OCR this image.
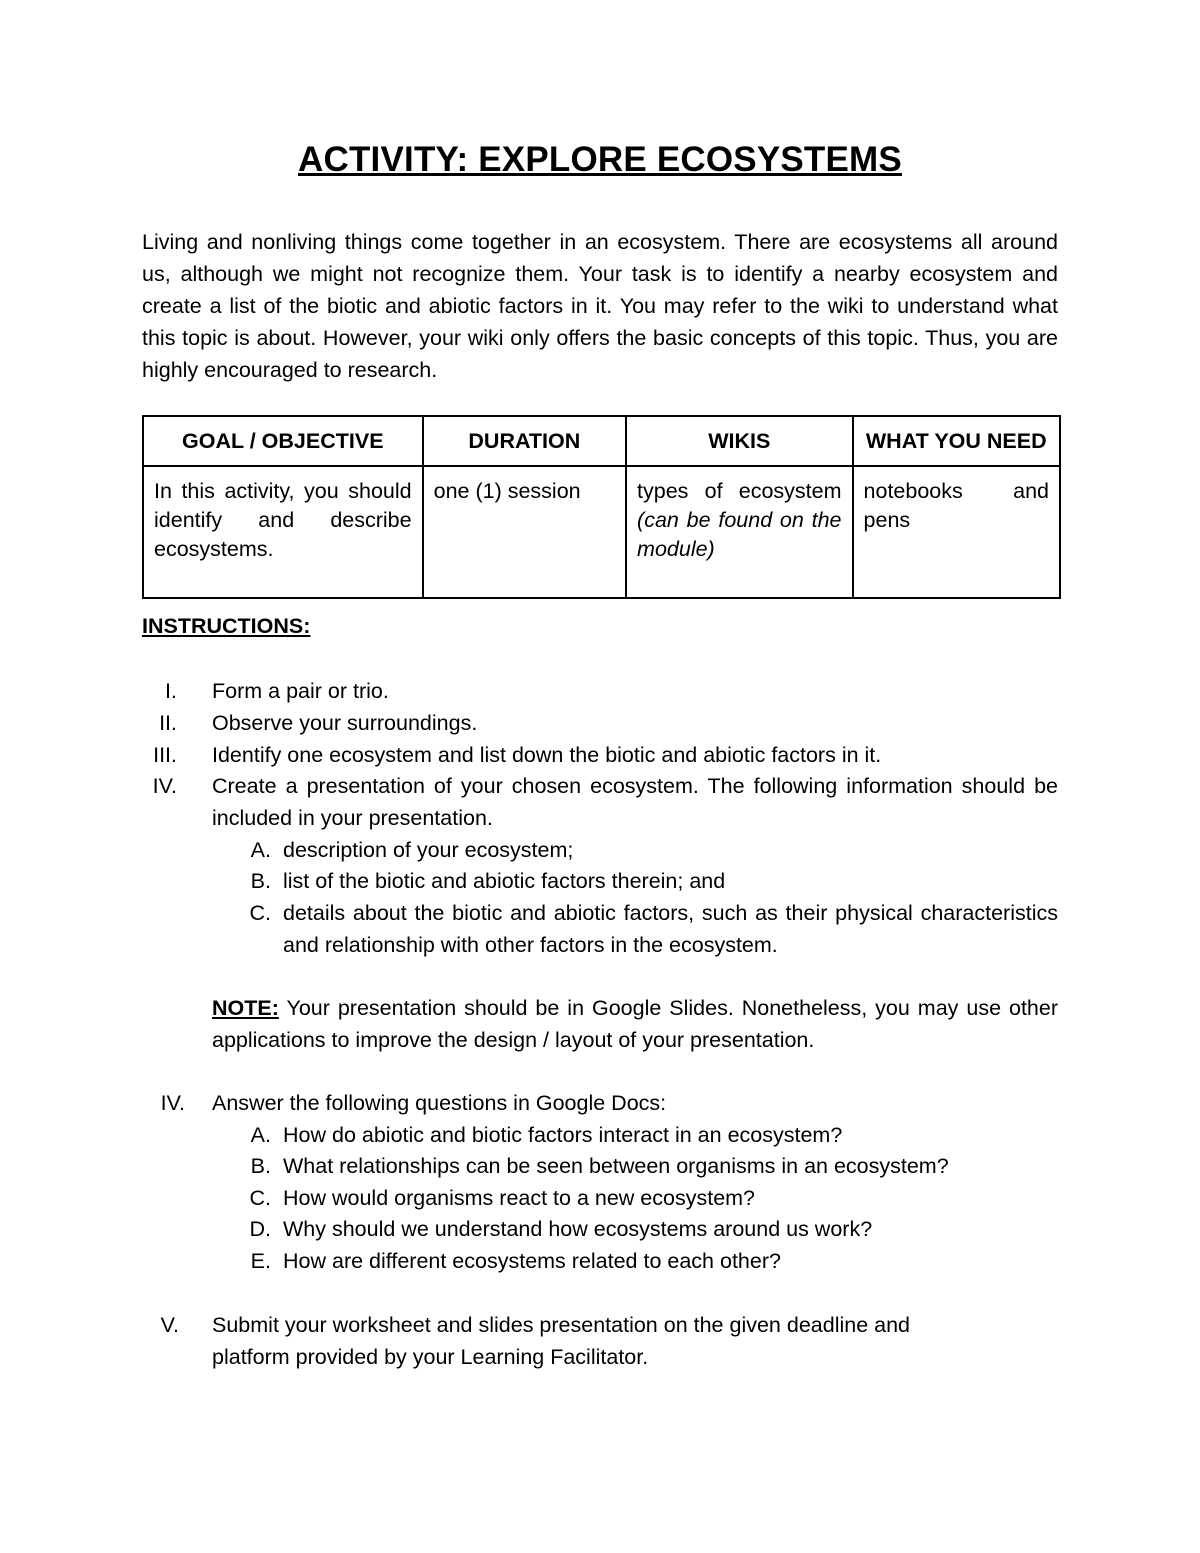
ACTIVITY: EXPLORE ECOSYSTEMS

Living and nonliving things come together in an ecosystem. There are ecosystems all around us, although we might not recognize them. Your task is to identify a nearby ecosystem and create a list of the biotic and abiotic factors in it. You may refer to the wiki to understand what this topic is about. However, your wiki only offers the basic concepts of this topic. Thus, you are highly encouraged to research.

GOAL / OBJECTIVE	DURATION	WIKIS	WHAT YOU NEED
In this activity, you should identify and describe ecosystems.	one (1) session	types of ecosystem (can be found on the module)	notebooks and pens
INSTRUCTIONS:
I. Form a pair or trio.
II. Observe your surroundings.
III. Identify one ecosystem and list down the biotic and abiotic factors in it.
IV. Create a presentation of your chosen ecosystem. The following information should be included in your presentation.
A. description of your ecosystem;
B. list of the biotic and abiotic factors therein; and
C. details about the biotic and abiotic factors, such as their physical characteristics and relationship with other factors in the ecosystem.
NOTE: Your presentation should be in Google Slides. Nonetheless, you may use other applications to improve the design / layout of your presentation.
IV. Answer the following questions in Google Docs:
A. How do abiotic and biotic factors interact in an ecosystem?
B. What relationships can be seen between organisms in an ecosystem?
C. How would organisms react to a new ecosystem?
D. Why should we understand how ecosystems around us work?
E. How are different ecosystems related to each other?
V. Submit your worksheet and slides presentation on the given deadline and platform provided by your Learning Facilitator.
